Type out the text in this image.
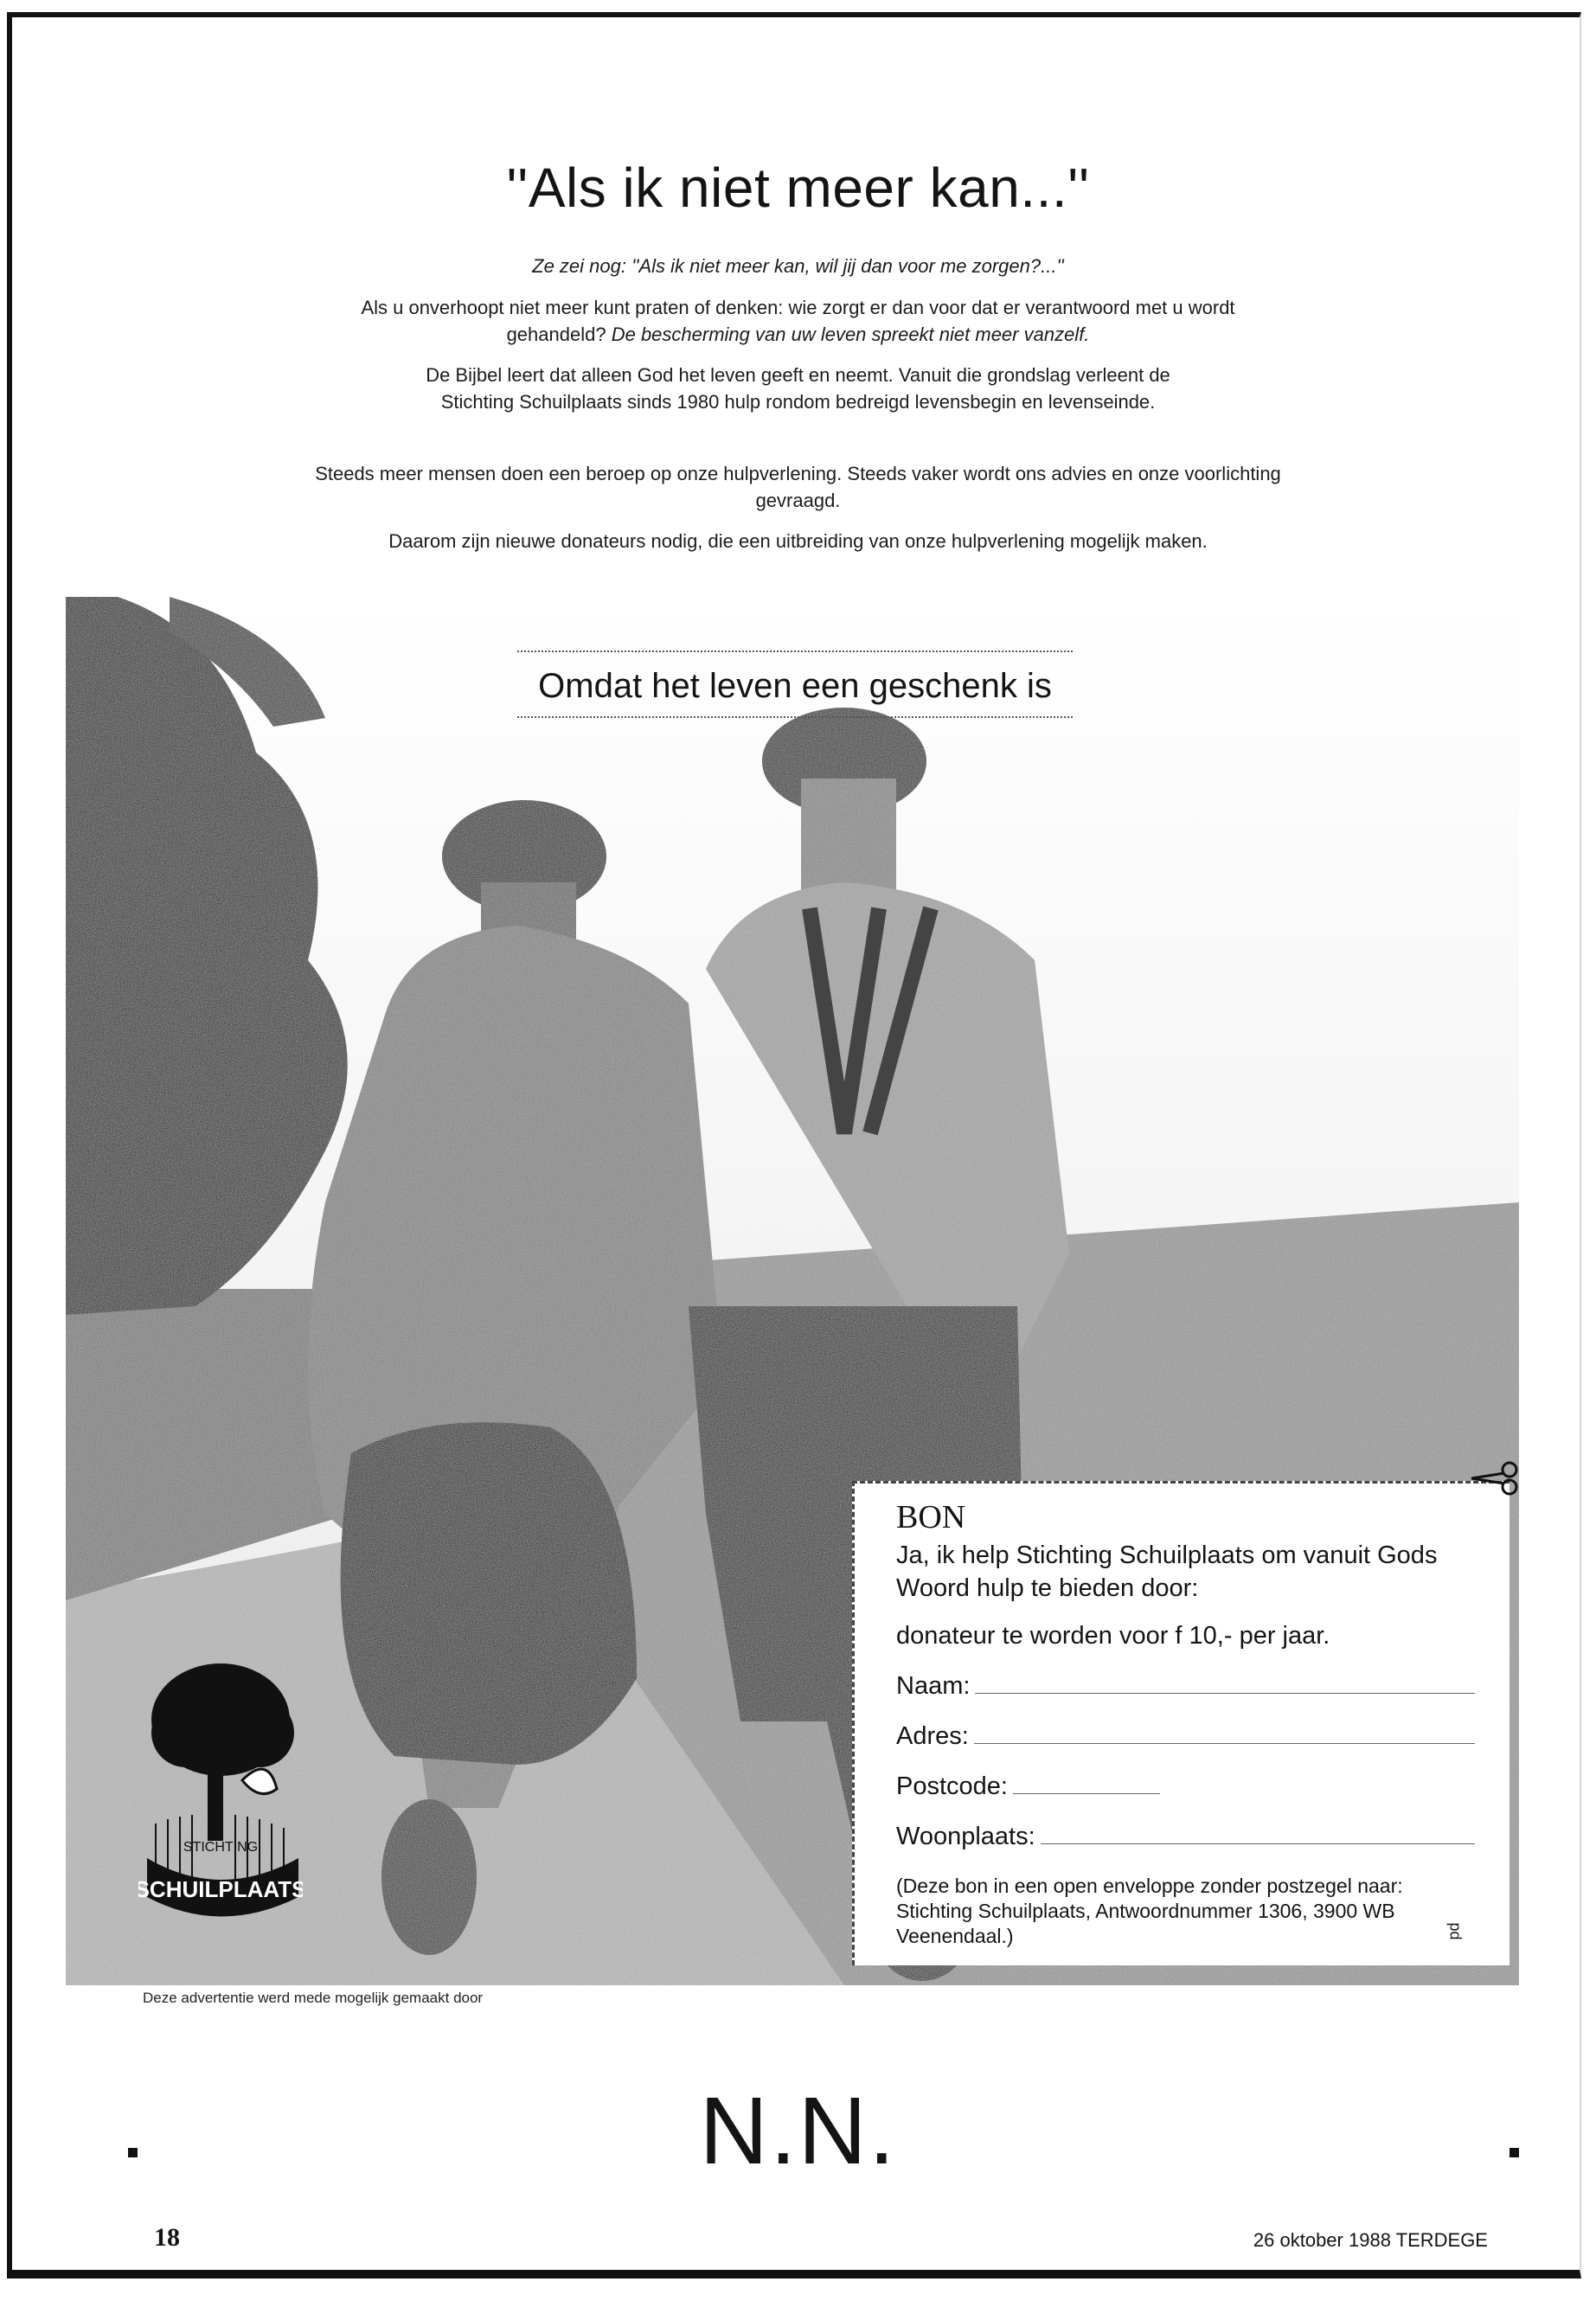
''Als ik niet meer kan...''
Ze zei nog: ''Als ik niet meer kan, wil jij dan voor me zorgen?...''
Als u onverhoopt niet meer kunt praten of denken: wie zorgt er dan voor dat er verantwoord met u wordt gehandeld? De bescherming van uw leven spreekt niet meer vanzelf.
De Bijbel leert dat alleen God het leven geeft en neemt. Vanuit die grondslag verleent de Stichting Schuilplaats sinds 1980 hulp rondom bedreigd levensbegin en levenseinde.
Steeds meer mensen doen een beroep op onze hulpverlening. Steeds vaker wordt ons advies en onze voorlichting gevraagd.
Daarom zijn nieuwe donateurs nodig, die een uitbreiding van onze hulpverlening mogelijk maken.
Omdat het leven een geschenk is
STICHTING
SCHUILPLAATS
BON
Ja, ik help Stichting Schuilplaats om vanuit Gods Woord hulp te bieden door:
donateur te worden voor f 10,- per jaar.
Naam:
Adres:
Postcode:
Woonplaats:
(Deze bon in een open enveloppe zonder postzegel naar: Stichting Schuilplaats, Antwoordnummer 1306, 3900 WB Veenendaal.)	pd
Deze advertentie werd mede mogelijk gemaakt door
N.N.
18	26 oktober 1988 TERDEGE
